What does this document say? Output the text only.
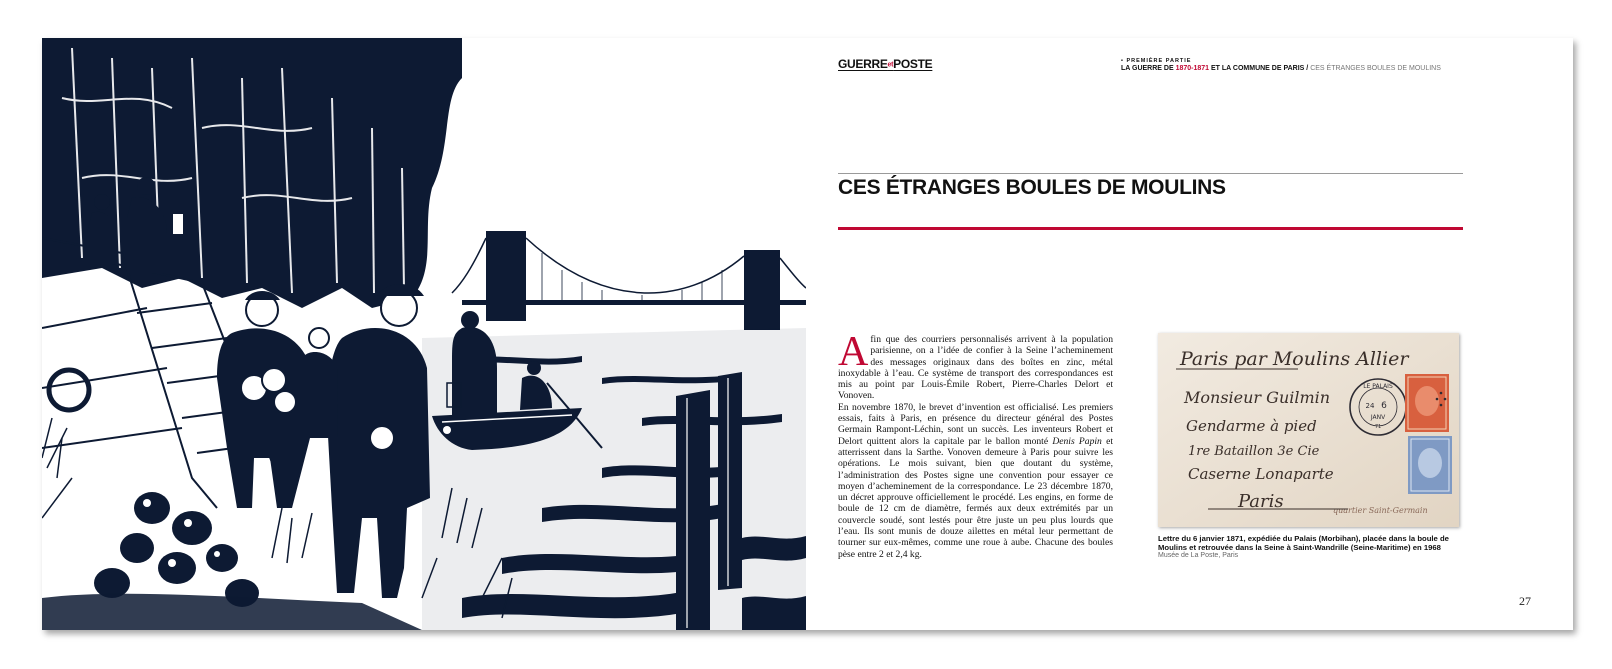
GUERREetPOSTE	• PREMIÈRE PARTIE
LA GUERRE DE 1870-1871 ET LA COMMUNE DE PARIS / CES ÉTRANGES BOULES DE MOULINS
CES ÉTRANGES BOULES DE MOULINS
A fin que des courriers personnalisés arrivent à la population parisienne, on a l’idée de confier à la Seine l’acheminement des messages originaux dans des boîtes en zinc, métal inoxydable à l’eau. Ce système de transport des correspondances est mis au point par Louis-Émile Robert, Pierre-Charles Delort et Vonoven.

En novembre 1870, le brevet d’invention est officialisé. Les premiers essais, faits à Paris, en présence du directeur général des Postes Germain Rampont-Léchin, sont un succès. Les inventeurs Robert et Delort quittent alors la capitale par le ballon monté Denis Papin et atterrissent dans la Sarthe. Vonoven demeure à Paris pour suivre les opérations. Le mois suivant, bien que doutant du système, l’administration des Postes signe une convention pour essayer ce moyen d’acheminement de la correspondance. Le 23 décembre 1870, un décret approuve officiellement le procédé. Les engins, en forme de boule de 12 cm de diamètre, fermés aux deux extrémités par un couvercle soudé, sont lestés pour être juste un peu plus lourds que l’eau. Ils sont munis de douze ailettes en métal leur permettant de tourner sur eux-mêmes, comme une roue à aube. Chacune des boules pèse entre 2 et 2,4 kg.

Paris par Moulins Allier
Monsieur Guilmin
Gendarme à pied
1re Bataillon 3e Cie
Caserne Lonaparte
Paris	quartier Saint-Germain
LE PALAIS
24 6
JANV
71
Lettre du 6 janvier 1871, expédiée du Palais (Morbihan), placée dans la boule de Moulins et retrouvée dans la Seine à Saint-Wandrille (Seine-Maritime) en 1968
Musée de La Poste, Paris
27
